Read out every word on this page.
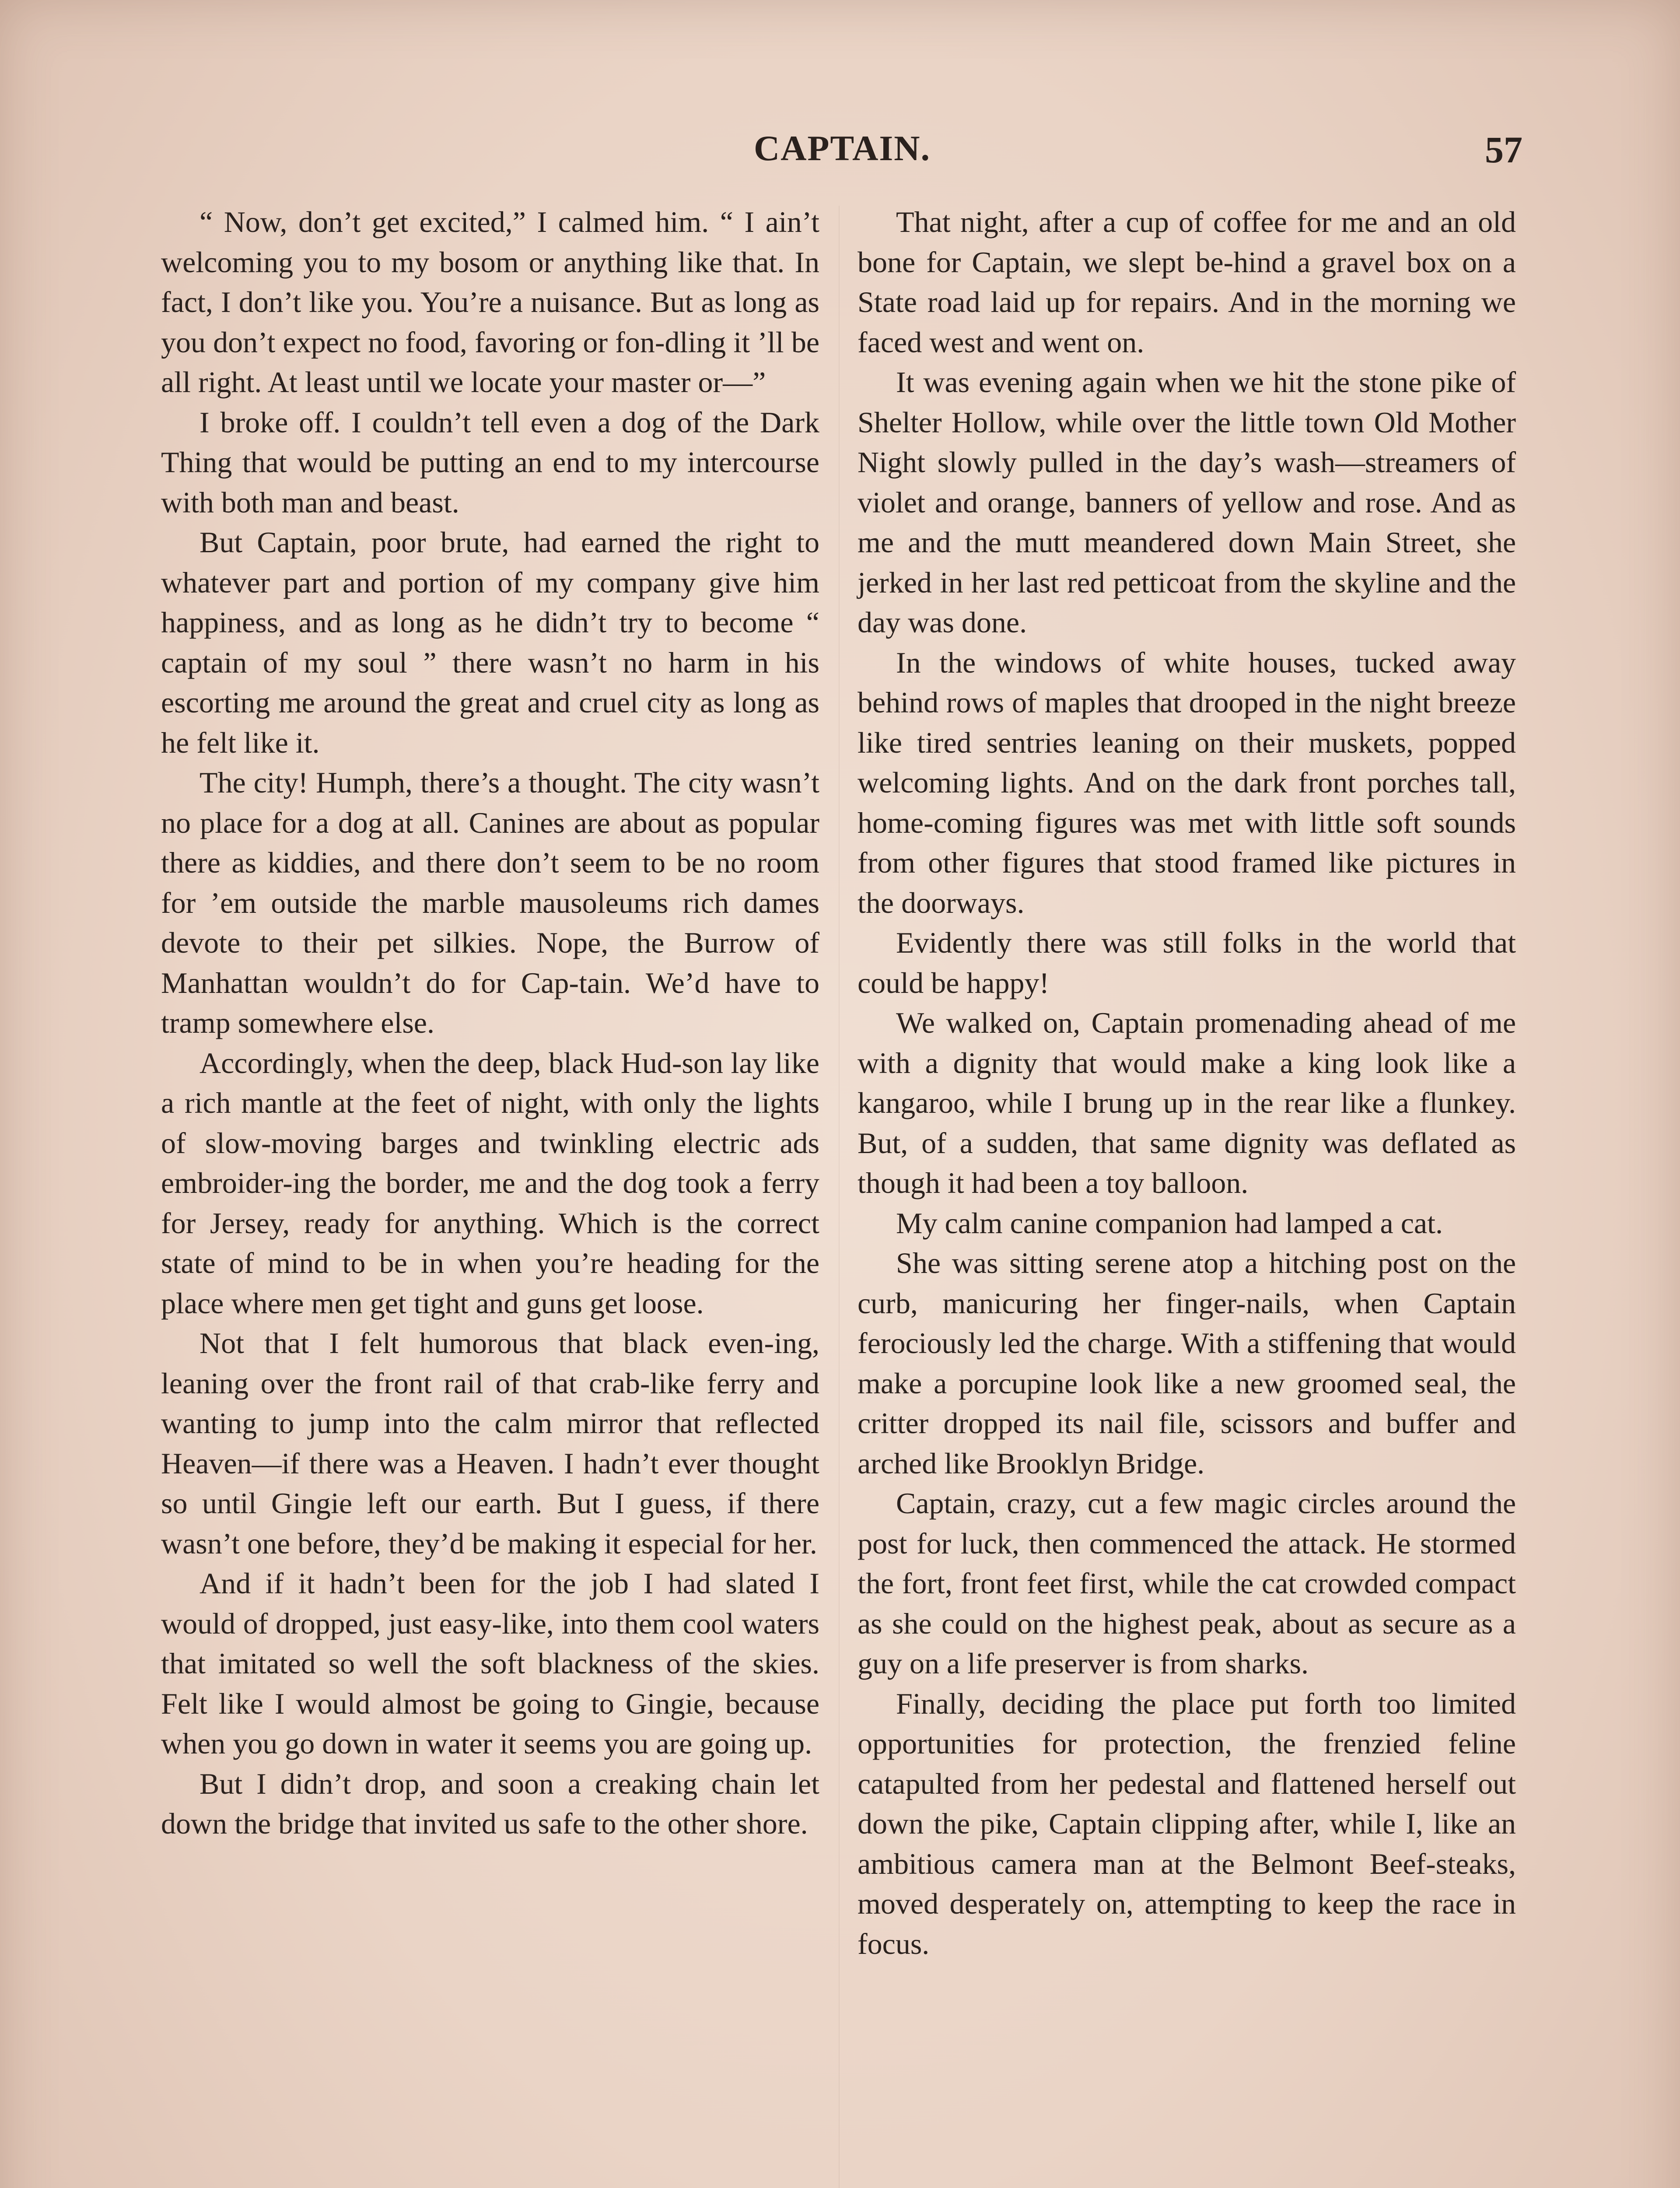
CAPTAIN.	57

“ Now, don’t get excited,” I calmed him. “ I ain’t welcoming you to my bosom or anything like that. In fact, I don’t like you. You’re a nuisance. But as long as you don’t expect no food, favoring or fon-dling it ’ll be all right. At least until we locate your master or—”

I broke off. I couldn’t tell even a dog of the Dark Thing that would be putting an end to my intercourse with both man and beast.

But Captain, poor brute, had earned the right to whatever part and portion of my company give him happiness, and as long as he didn’t try to become “ captain of my soul ” there wasn’t no harm in his escorting me around the great and cruel city as long as he felt like it.

The city! Humph, there’s a thought. The city wasn’t no place for a dog at all. Canines are about as popular there as kiddies, and there don’t seem to be no room for ’em outside the marble mausoleums rich dames devote to their pet silkies. Nope, the Burrow of Manhattan wouldn’t do for Cap-tain. We’d have to tramp somewhere else.

Accordingly, when the deep, black Hud-son lay like a rich mantle at the feet of night, with only the lights of slow-moving barges and twinkling electric ads embroider-ing the border, me and the dog took a ferry for Jersey, ready for anything. Which is the correct state of mind to be in when you’re heading for the place where men get tight and guns get loose.

Not that I felt humorous that black even-ing, leaning over the front rail of that crab-like ferry and wanting to jump into the calm mirror that reflected Heaven—if there was a Heaven. I hadn’t ever thought so until Gingie left our earth. But I guess, if there wasn’t one before, they’d be making it especial for her.

And if it hadn’t been for the job I had slated I would of dropped, just easy-like, into them cool waters that imitated so well the soft blackness of the skies. Felt like I would almost be going to Gingie, because when you go down in water it seems you are going up.

But I didn’t drop, and soon a creaking chain let down the bridge that invited us safe to the other shore.

That night, after a cup of coffee for me and an old bone for Captain, we slept be-hind a gravel box on a State road laid up for repairs. And in the morning we faced west and went on.

It was evening again when we hit the stone pike of Shelter Hollow, while over the little town Old Mother Night slowly pulled in the day’s wash—streamers of violet and orange, banners of yellow and rose. And as me and the mutt meandered down Main Street, she jerked in her last red petticoat from the skyline and the day was done.

In the windows of white houses, tucked away behind rows of maples that drooped in the night breeze like tired sentries leaning on their muskets, popped welcoming lights. And on the dark front porches tall, home-coming figures was met with little soft sounds from other figures that stood framed like pictures in the doorways.

Evidently there was still folks in the world that could be happy!

We walked on, Captain promenading ahead of me with a dignity that would make a king look like a kangaroo, while I brung up in the rear like a flunkey. But, of a sudden, that same dignity was deflated as though it had been a toy balloon.

My calm canine companion had lamped a cat.

She was sitting serene atop a hitching post on the curb, manicuring her finger-nails, when Captain ferociously led the charge. With a stiffening that would make a porcupine look like a new groomed seal, the critter dropped its nail file, scissors and buffer and arched like Brooklyn Bridge.

Captain, crazy, cut a few magic circles around the post for luck, then commenced the attack. He stormed the fort, front feet first, while the cat crowded compact as she could on the highest peak, about as secure as a guy on a life preserver is from sharks.

Finally, deciding the place put forth too limited opportunities for protection, the frenzied feline catapulted from her pedestal and flattened herself out down the pike, Captain clipping after, while I, like an ambitious camera man at the Belmont Beef-steaks, moved desperately on, attempting to keep the race in focus.
